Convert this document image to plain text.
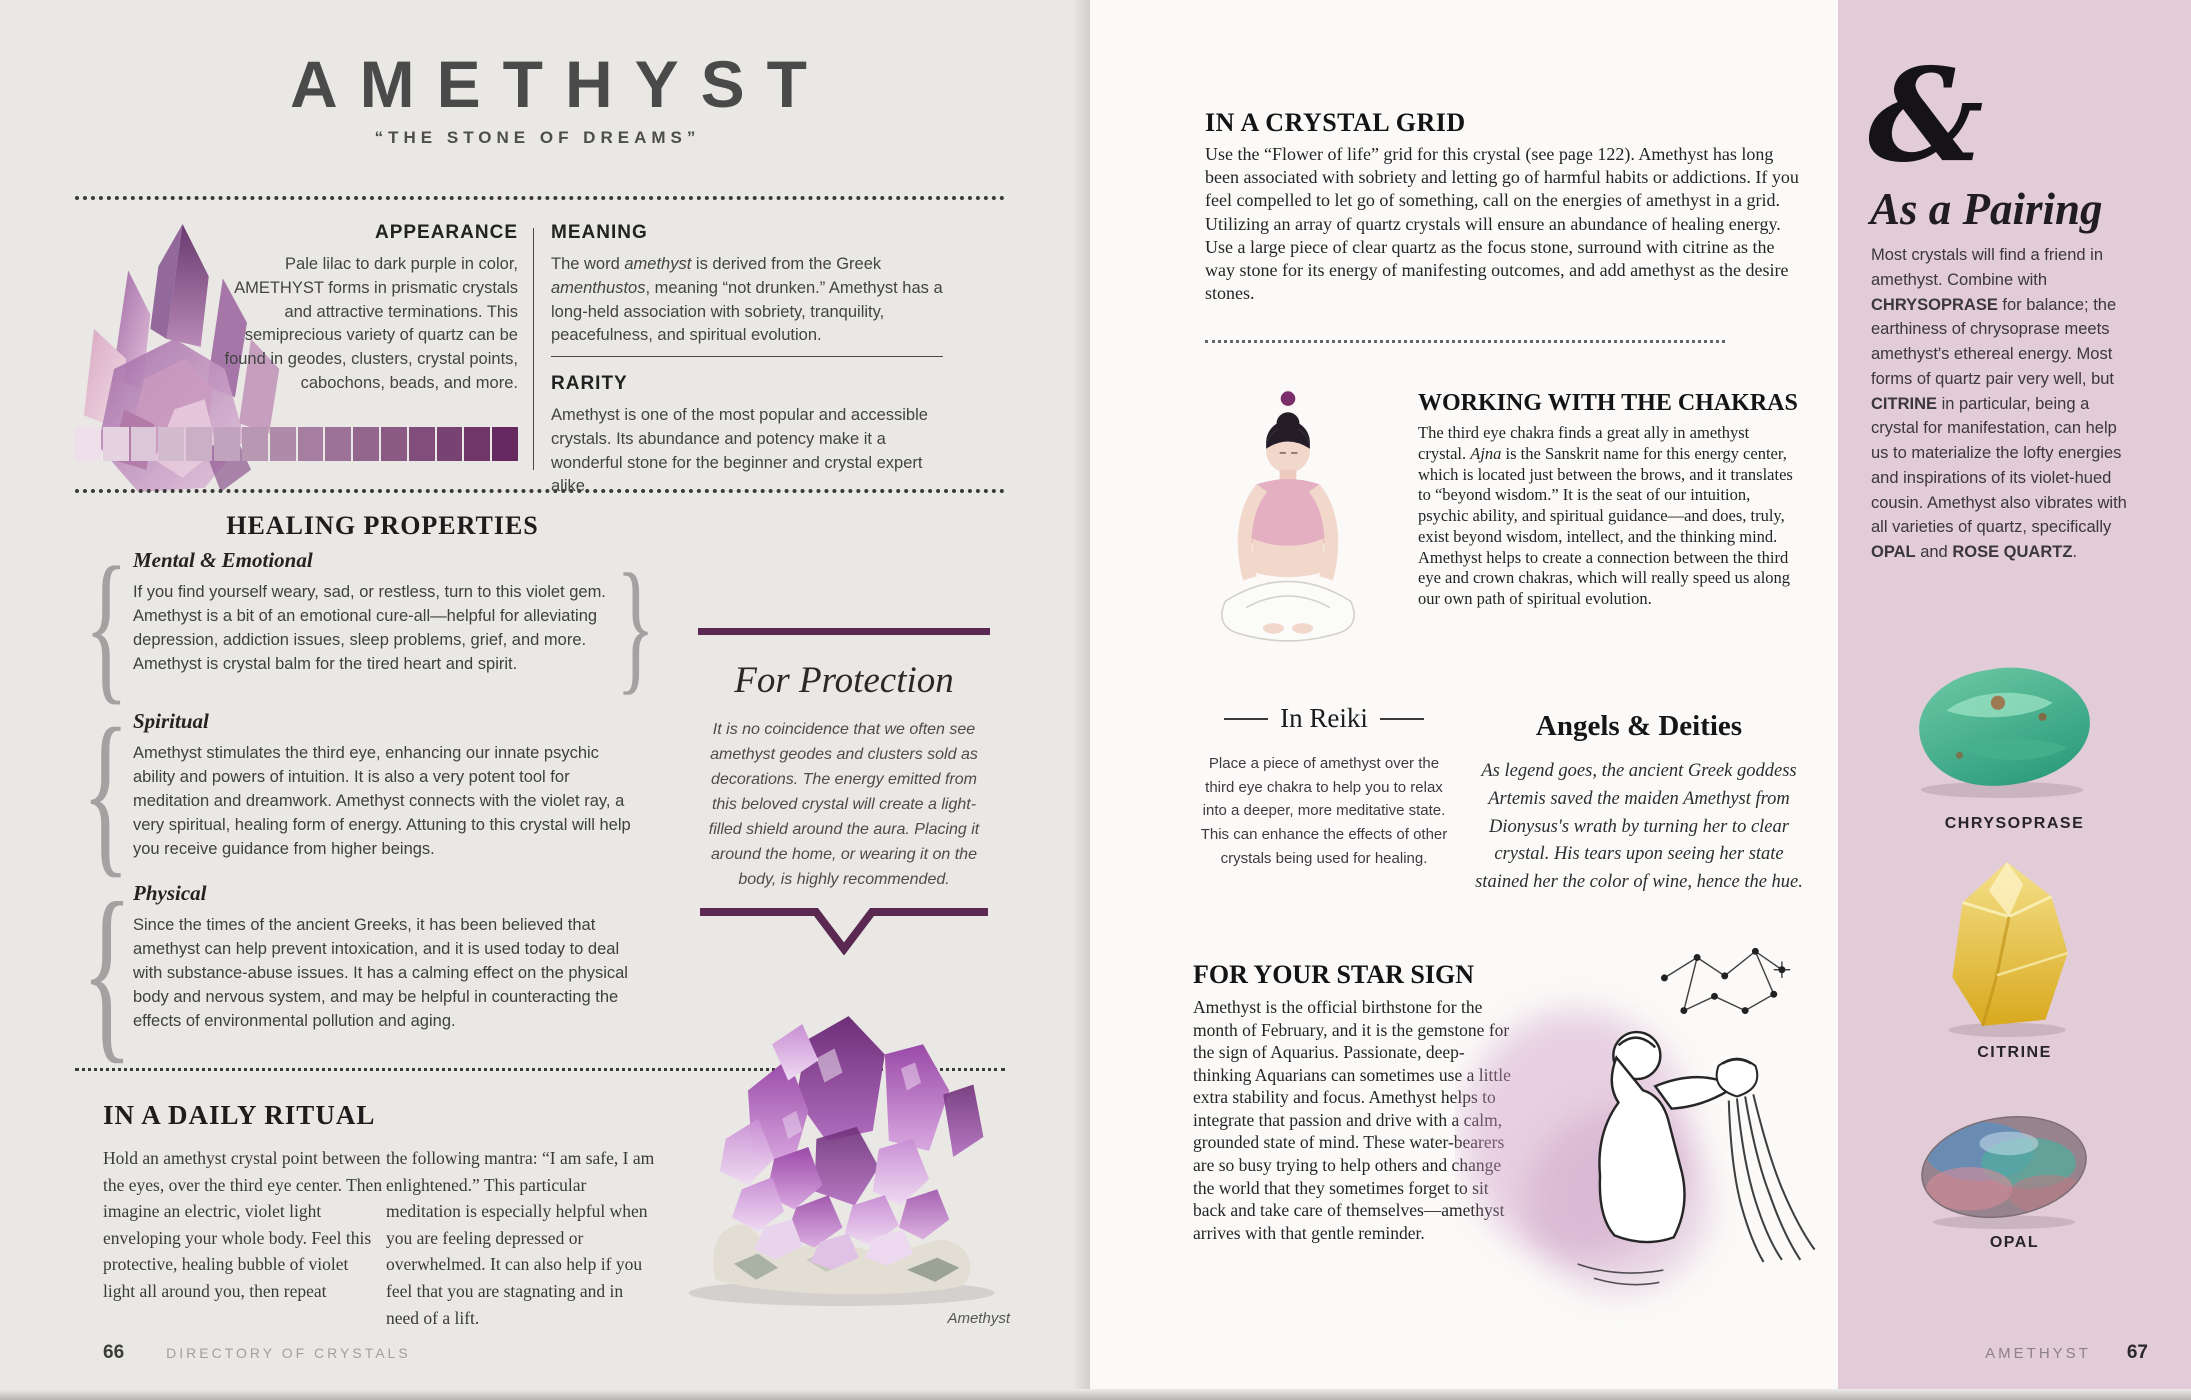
AMETHYST
“THE STONE OF DREAMS”
APPEARANCE

Pale lilac to dark purple in color, AMETHYST forms in prismatic crystals and attractive terminations. This semiprecious variety of quartz can be found in geodes, clusters, crystal points, cabochons, beads, and more.

MEANING

The word amethyst is derived from the Greek amenthustos, meaning “not drunken.” Amethyst has a long-held association with sobriety, tranquility, peacefulness, and spiritual evolution.

RARITY

Amethyst is one of the most popular and accessible crystals. Its abundance and potency make it a wonderful stone for the beginner and crystal expert alike.

HEALING PROPERTIES
{ Mental & Emotional

If you find yourself weary, sad, or restless, turn to this violet gem. Amethyst is a bit of an emotional cure-all—helpful for alleviating depression, addiction issues, sleep problems, grief, and more. Amethyst is crystal balm for the tired heart and spirit. }
{ Spiritual

Amethyst stimulates the third eye, enhancing our innate psychic ability and powers of intuition. It is also a very potent tool for meditation and dreamwork. Amethyst connects with the violet ray, a very spiritual, healing form of energy. Attuning to this crystal will help you receive guidance from higher beings.

{ Physical

Since the times of the ancient Greeks, it has been believed that amethyst can help prevent intoxication, and it is used today to deal with substance-abuse issues. It has a calming effect on the physical body and nervous system, and may be helpful in counteracting the effects of environmental pollution and aging.

For Protection

It is no coincidence that we often see amethyst geodes and clusters sold as decorations. The energy emitted from this beloved crystal will create a light-filled shield around the aura. Placing it around the home, or wearing it on the body, is highly recommended.

IN A DAILY RITUAL

Hold an amethyst crystal point between the eyes, over the third eye center. Then imagine an electric, violet light enveloping your whole body. Feel this protective, healing bubble of violet light all around you, then repeat

the following mantra: “I am safe, I am enlightened.” This particular meditation is especially helpful when you are feeling depressed or overwhelmed. It can also help if you feel that you are stagnating and in need of a lift.	Amethyst
66	DIRECTORY OF CRYSTALS
IN A CRYSTAL GRID

Use the “Flower of life” grid for this crystal (see page 122). Amethyst has long been associated with sobriety and letting go of harmful habits or addictions. If you feel compelled to let go of something, call on the energies of amethyst in a grid. Utilizing an array of quartz crystals will ensure an abundance of healing energy. Use a large piece of clear quartz as the focus stone, surround with citrine as the way stone for its energy of manifesting outcomes, and add amethyst as the desire stones.

WORKING WITH THE CHAKRAS

The third eye chakra finds a great ally in amethyst crystal. Ajna is the Sanskrit name for this energy center, which is located just between the brows, and it translates to “beyond wisdom.” It is the seat of our intuition, psychic ability, and spiritual guidance—and does, truly, exist beyond wisdom, intellect, and the thinking mind. Amethyst helps to create a connection between the third eye and crown chakras, which will really speed us along our own path of spiritual evolution.

In Reiki

Place a piece of amethyst over the third eye chakra to help you to relax into a deeper, more meditative state. This can enhance the effects of other crystals being used for healing.

Angels & Deities

As legend goes, the ancient Greek goddess Artemis saved the maiden Amethyst from Dionysus's wrath by turning her to clear crystal. His tears upon seeing her state stained her the color of wine, hence the hue.

FOR YOUR STAR SIGN

Amethyst is the official birthstone for the month of February, and it is the gemstone for the sign of Aquarius. Passionate, deep-thinking Aquarians can sometimes use a little extra stability and focus. Amethyst helps to integrate that passion and drive with a calm, grounded state of mind. These water-bearers are so busy trying to help others and change the world that they sometimes forget to sit back and take care of themselves—amethyst arrives with that gentle reminder.

&
As a Pairing

Most crystals will find a friend in amethyst. Combine with CHRYSOPRASE for balance; the earthiness of chrysoprase meets amethyst's ethereal energy. Most forms of quartz pair very well, but CITRINE in particular, being a crystal for manifestation, can help us to materialize the lofty energies and inspirations of its violet-hued cousin. Amethyst also vibrates with all varieties of quartz, specifically OPAL and ROSE QUARTZ.

CHRYSOPRASE
CITRINE
OPAL
AMETHYST 67
